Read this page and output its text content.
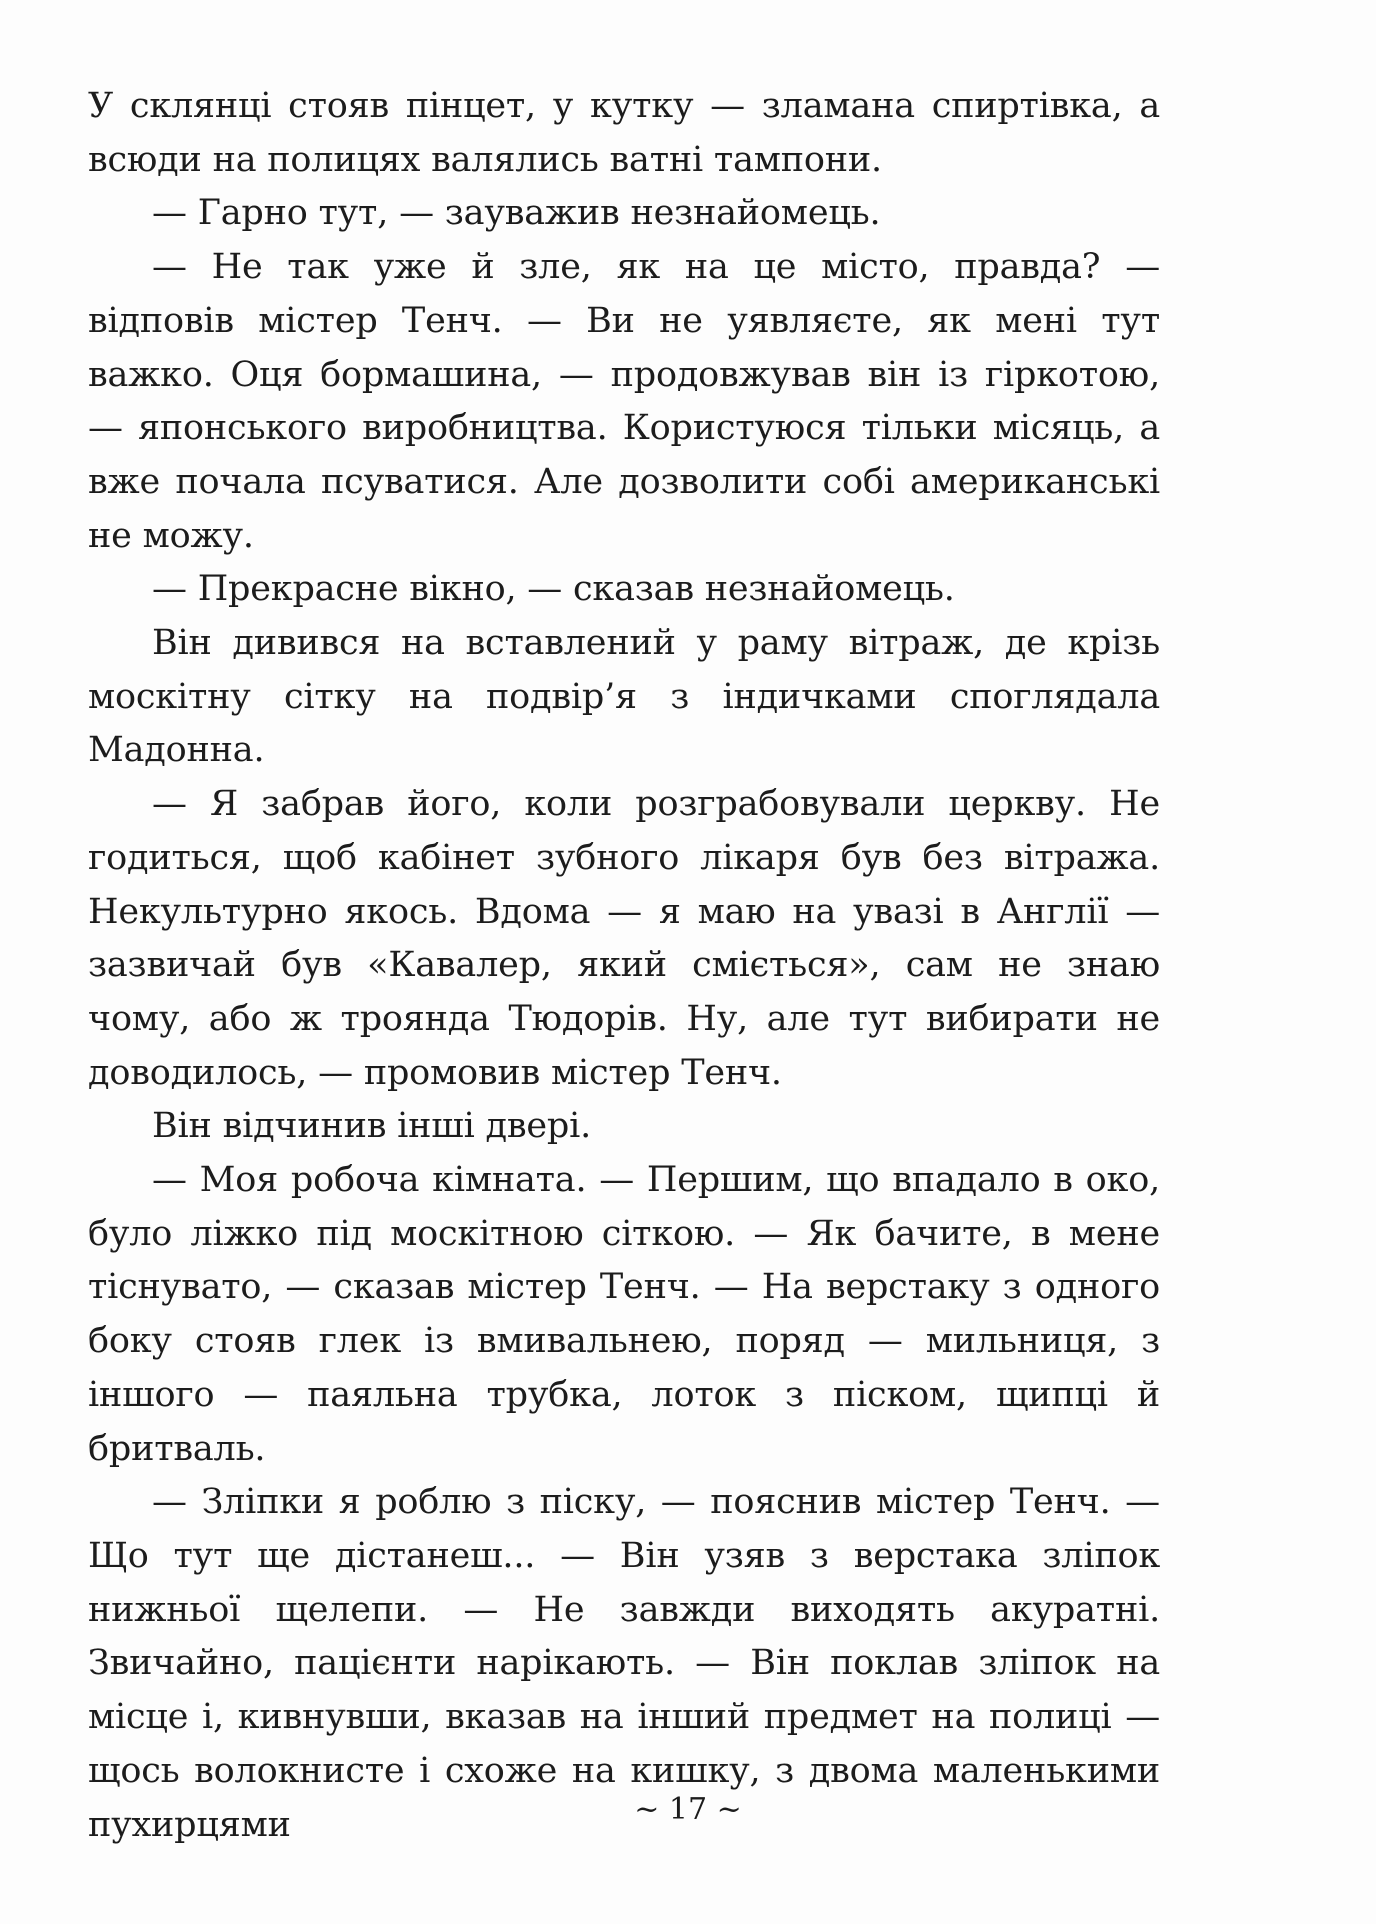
У склянці стояв пінцет, у кутку — зламана спиртівка, а всюди на полицях валялись ватні тампони.

— Гарно тут, — зауважив незнайомець.

— Не так уже й зле, як на це місто, правда? — відповів містер Тенч. — Ви не уявляєте, як мені тут важко. Оця бормашина, — продовжував він із гіркотою, — японського виробництва. Користуюся тільки місяць, а вже почала псуватися. Але дозволити собі американські не можу.

— Прекрасне вікно, — сказав незнайомець.

Він дивився на вставлений у раму вітраж, де крізь москітну сітку на подвір’я з індичками споглядала Мадонна.

— Я забрав його, коли розграбовували церкву. Не годиться, щоб кабінет зубного лікаря був без вітража. Некультурно якось. Вдома — я маю на увазі в Англії — зазвичай був «Кавалер, який сміється», сам не знаю чому, або ж троянда Тюдорів. Ну, але тут вибирати не доводилось, — промовив містер Тенч.

Він відчинив інші двері.

— Моя робоча кімната. — Першим, що впадало в око, було ліжко під москітною сіткою. — Як бачите, в мене тіснувато, — сказав містер Тенч. — На верстаку з одного боку стояв глек із вмивальнею, поряд — мильниця, з іншого — паяльна трубка, лоток з піском, щипці й бритваль.

— Зліпки я роблю з піску, — пояснив містер Тенч. — Що тут ще дістанеш... — Він узяв з верстака зліпок нижньої щелепи. — Не завжди виходять акуратні. Звичайно, пацієнти нарікають. — Він поклав зліпок на місце і, кивнувши, вказав на інший предмет на полиці — щось волокнисте і схоже на кишку, з двома маленькими пухирцями	~ 17 ~
